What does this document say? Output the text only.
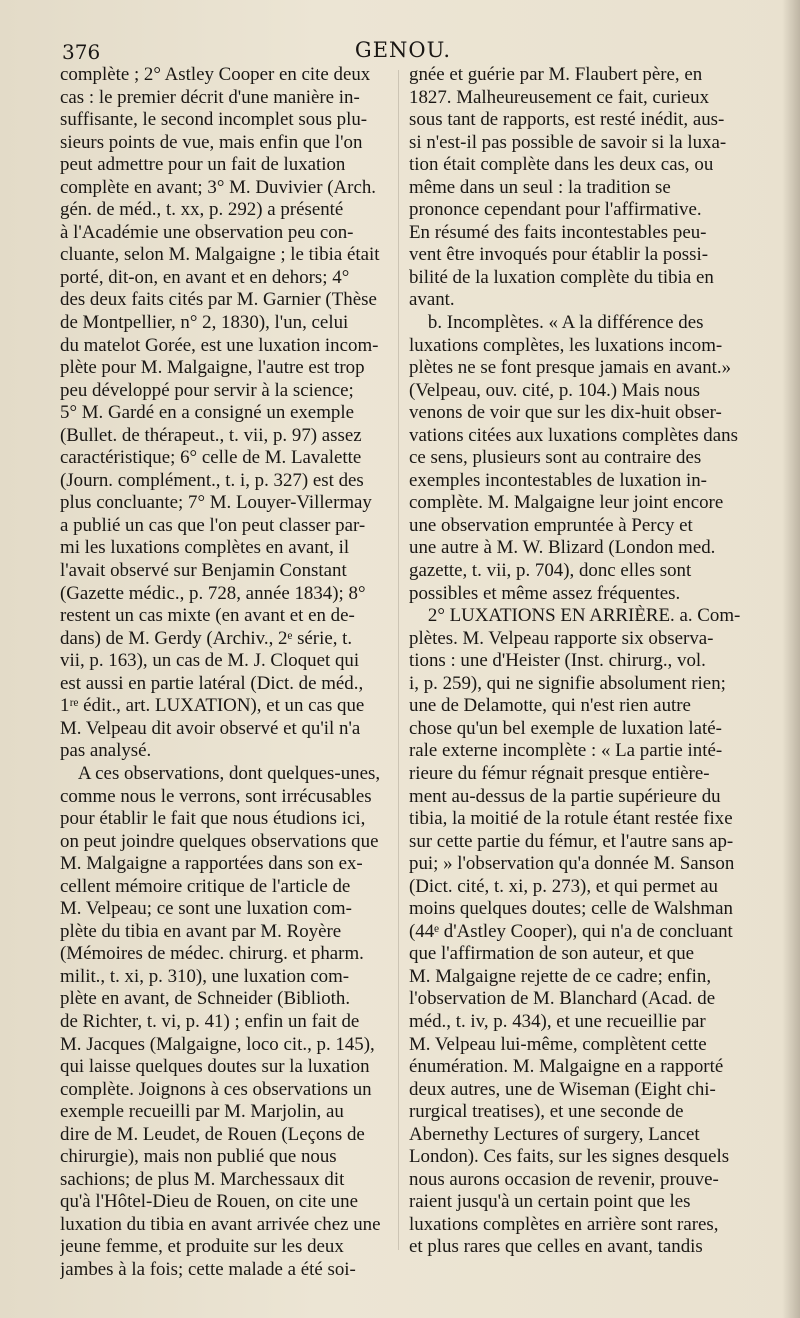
376	GENOU.
complète ; 2° Astley Cooper en cite deux
cas : le premier décrit d'une manière in-
suffisante, le second incomplet sous plu-
sieurs points de vue, mais enfin que l'on
peut admettre pour un fait de luxation
complète en avant; 3° M. Duvivier (Arch.
gén. de méd., t. xx, p. 292) a présenté
à l'Académie une observation peu con-
cluante, selon M. Malgaigne ; le tibia était
porté, dit-on, en avant et en dehors; 4°
des deux faits cités par M. Garnier (Thèse
de Montpellier, n° 2, 1830), l'un, celui
du matelot Gorée, est une luxation incom-
plète pour M. Malgaigne, l'autre est trop
peu développé pour servir à la science;
5° M. Gardé en a consigné un exemple
(Bullet. de thérapeut., t. vii, p. 97) assez
caractéristique; 6° celle de M. Lavalette
(Journ. complément., t. i, p. 327) est des
plus concluante; 7° M. Louyer-Villermay
a publié un cas que l'on peut classer par-
mi les luxations complètes en avant, il
l'avait observé sur Benjamin Constant
(Gazette médic., p. 728, année 1834); 8°
restent un cas mixte (en avant et en de-
dans) de M. Gerdy (Archiv., 2ᵉ série, t.
vii, p. 163), un cas de M. J. Cloquet qui
est aussi en partie latéral (Dict. de méd.,
1ʳᵉ édit., art. LUXATION), et un cas que
M. Velpeau dit avoir observé et qu'il n'a
pas analysé.
A ces observations, dont quelques-unes,
comme nous le verrons, sont irrécusables
pour établir le fait que nous étudions ici,
on peut joindre quelques observations que
M. Malgaigne a rapportées dans son ex-
cellent mémoire critique de l'article de
M. Velpeau; ce sont une luxation com-
plète du tibia en avant par M. Royère
(Mémoires de médec. chirurg. et pharm.
milit., t. xi, p. 310), une luxation com-
plète en avant, de Schneider (Biblioth.
de Richter, t. vi, p. 41) ; enfin un fait de
M. Jacques (Malgaigne, loco cit., p. 145),
qui laisse quelques doutes sur la luxation
complète. Joignons à ces observations un
exemple recueilli par M. Marjolin, au
dire de M. Leudet, de Rouen (Leçons de
chirurgie), mais non publié que nous
sachions; de plus M. Marchessaux dit
qu'à l'Hôtel-Dieu de Rouen, on cite une
luxation du tibia en avant arrivée chez une
jeune femme, et produite sur les deux
jambes à la fois; cette malade a été soi-
gnée et guérie par M. Flaubert père, en
1827. Malheureusement ce fait, curieux
sous tant de rapports, est resté inédit, aus-
si n'est-il pas possible de savoir si la luxa-
tion était complète dans les deux cas, ou
même dans un seul : la tradition se
prononce cependant pour l'affirmative.
En résumé des faits incontestables peu-
vent être invoqués pour établir la possi-
bilité de la luxation complète du tibia en
avant.
b. Incomplètes. « A la différence des
luxations complètes, les luxations incom-
plètes ne se font presque jamais en avant.»
(Velpeau, ouv. cité, p. 104.) Mais nous
venons de voir que sur les dix-huit obser-
vations citées aux luxations complètes dans
ce sens, plusieurs sont au contraire des
exemples incontestables de luxation in-
complète. M. Malgaigne leur joint encore
une observation empruntée à Percy et
une autre à M. W. Blizard (London med.
gazette, t. vii, p. 704), donc elles sont
possibles et même assez fréquentes.
2° LUXATIONS EN ARRIÈRE. a. Com-
plètes. M. Velpeau rapporte six observa-
tions : une d'Heister (Inst. chirurg., vol.
i, p. 259), qui ne signifie absolument rien;
une de Delamotte, qui n'est rien autre
chose qu'un bel exemple de luxation laté-
rale externe incomplète : « La partie inté-
rieure du fémur régnait presque entière-
ment au-dessus de la partie supérieure du
tibia, la moitié de la rotule étant restée fixe
sur cette partie du fémur, et l'autre sans ap-
pui; » l'observation qu'a donnée M. Sanson
(Dict. cité, t. xi, p. 273), et qui permet au
moins quelques doutes; celle de Walshman
(44ᵉ d'Astley Cooper), qui n'a de concluant
que l'affirmation de son auteur, et que
M. Malgaigne rejette de ce cadre; enfin,
l'observation de M. Blanchard (Acad. de
méd., t. iv, p. 434), et une recueillie par
M. Velpeau lui-même, complètent cette
énumération. M. Malgaigne en a rapporté
deux autres, une de Wiseman (Eight chi-
rurgical treatises), et une seconde de
Abernethy Lectures of surgery, Lancet
London). Ces faits, sur les signes desquels
nous aurons occasion de revenir, prouve-
raient jusqu'à un certain point que les
luxations complètes en arrière sont rares,
et plus rares que celles en avant, tandis
